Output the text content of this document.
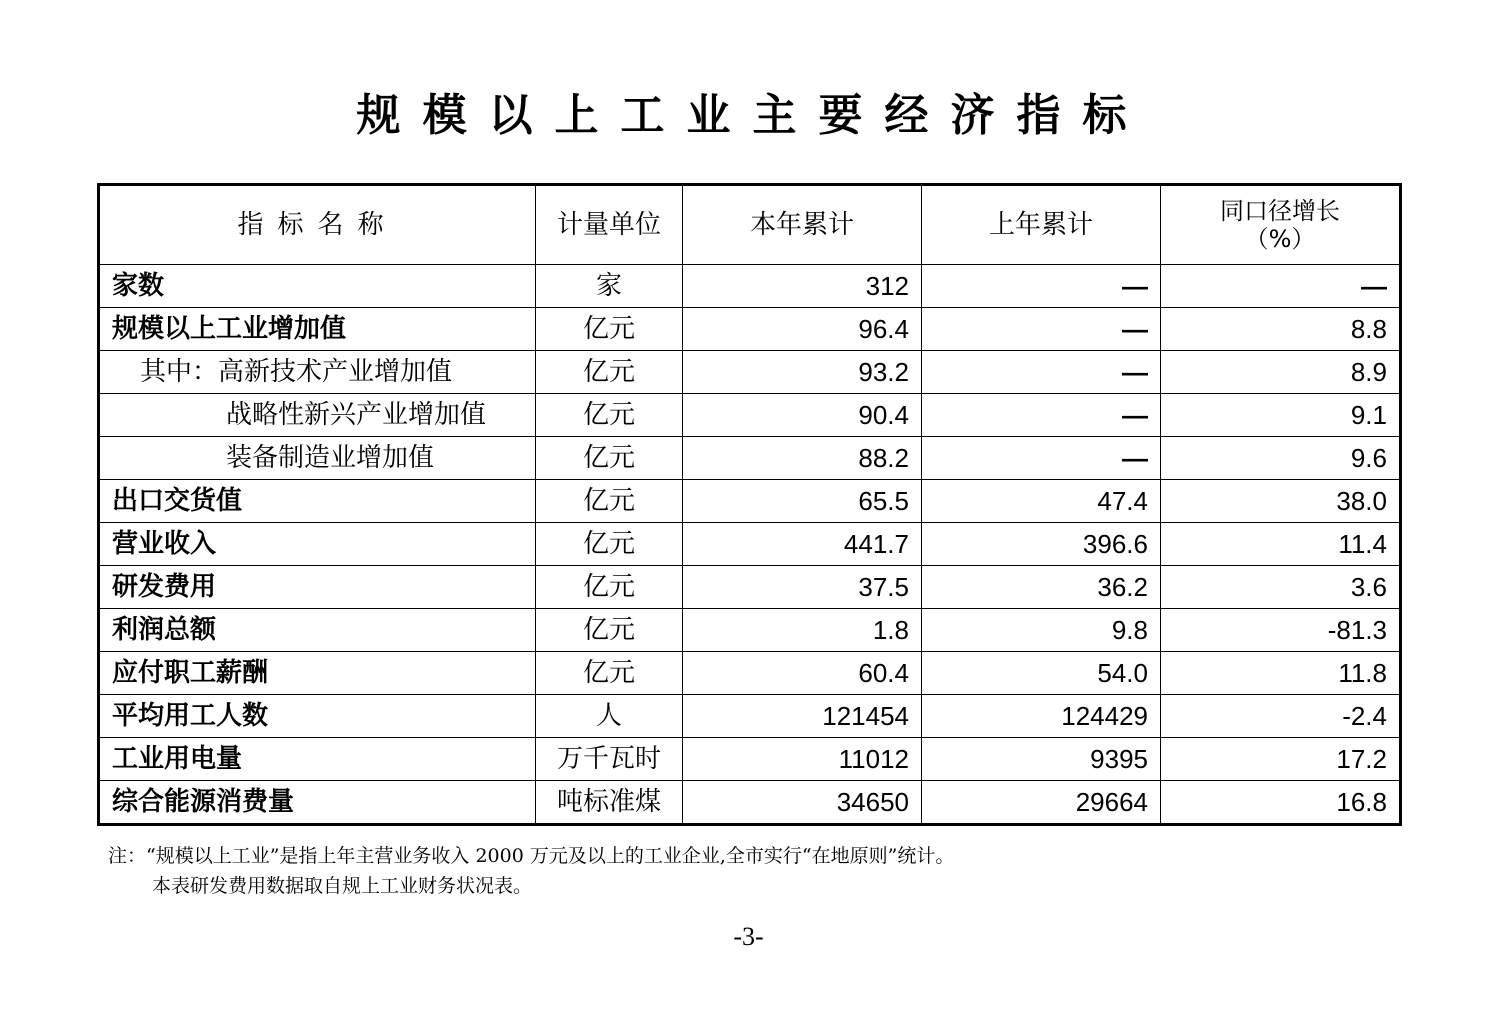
规模以上工业主要经济指标
指标名称	计量单位	本年累计	上年累计	同口径增长
（%）

家数	家	312	—	—
规模以上工业增加值	亿元	96.4	—	8.8
其中：高新技术产业增加值	亿元	93.2	—	8.9
战略性新兴产业增加值	亿元	90.4	—	9.1
装备制造业增加值	亿元	88.2	—	9.6
出口交货值	亿元	65.5	47.4	38.0
营业收入	亿元	441.7	396.6	11.4
研发费用	亿元	37.5	36.2	3.6
利润总额	亿元	1.8	9.8	-81.3
应付职工薪酬	亿元	60.4	54.0	11.8
平均用工人数	人	121454	124429	-2.4
工业用电量	万千瓦时	11012	9395	17.2
综合能源消费量	吨标准煤	34650	29664	16.8
注：“规模以上工业”是指上年主营业务收入 2000 万元及以上的工业企业,全市实行“在地原则”统计。
本表研发费用数据取自规上工业财务状况表。
-3-
